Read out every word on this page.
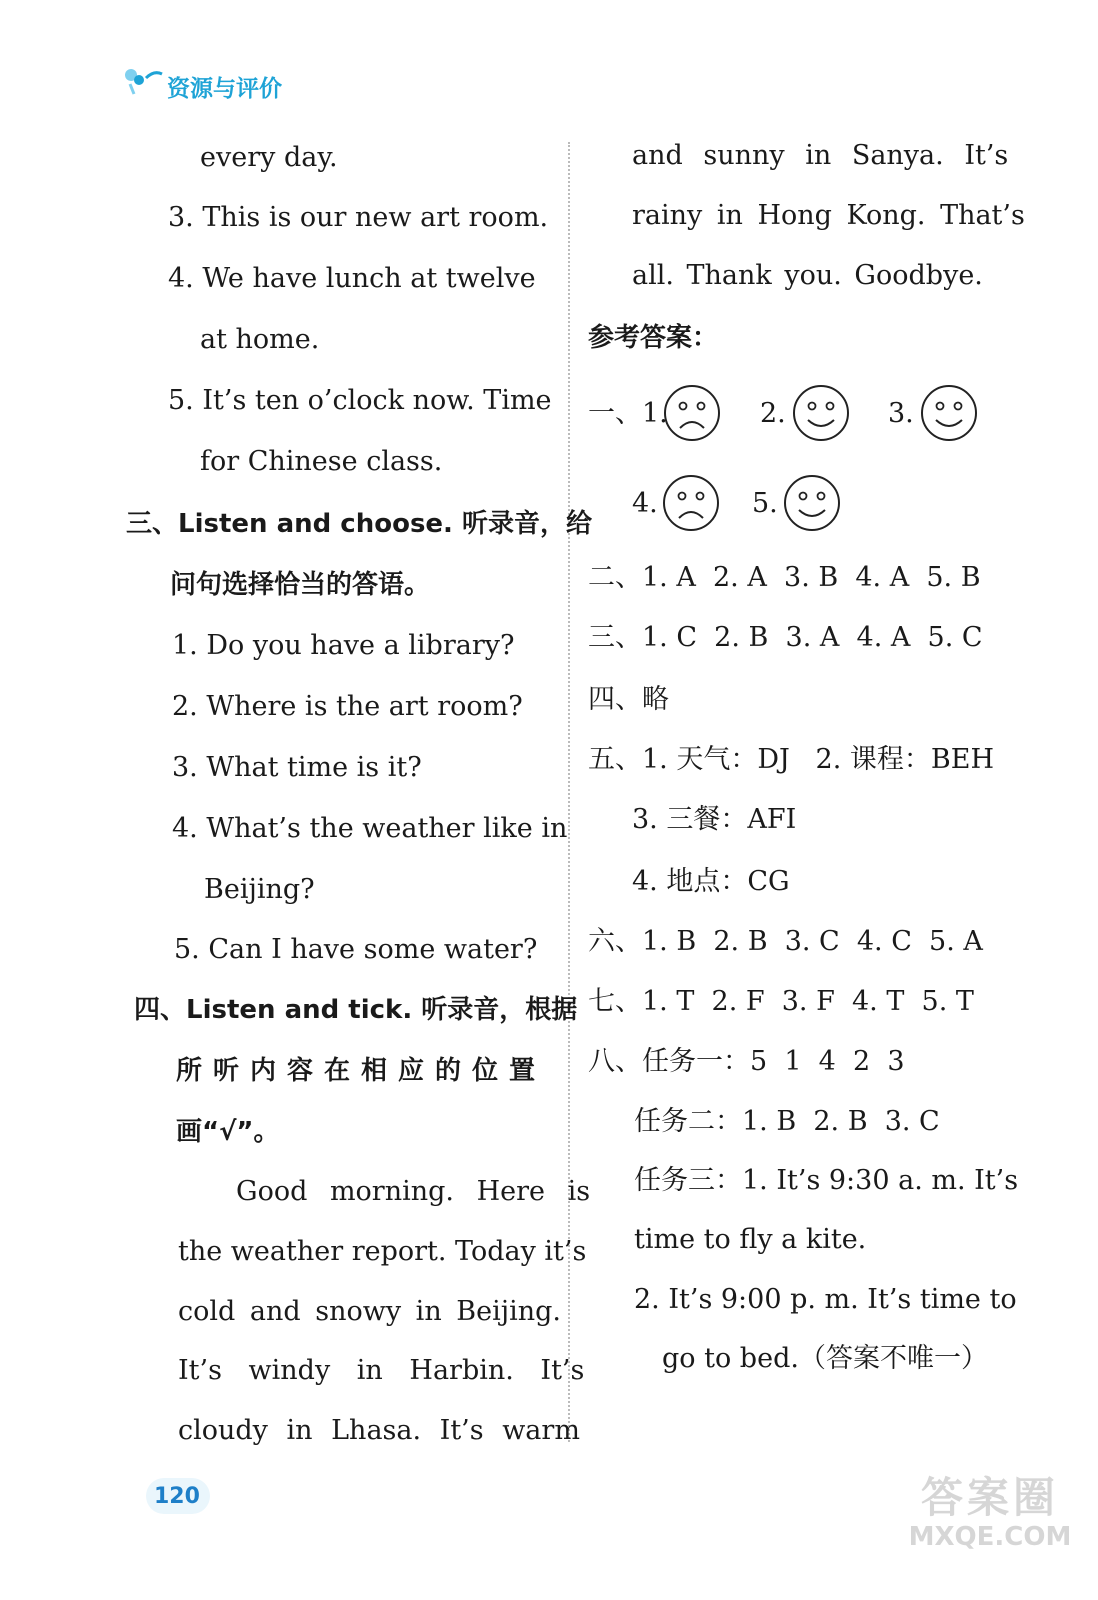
资源与评价
every day.
3. This is our new art room.
4. We have lunch at twelve
at home.
5. It’s ten o’clock now. Time
for Chinese class.
三、Listen and choose. 听录音，给
问句选择恰当的答语。
1. Do you have a library?
2. Where is the art room?
3. What time is it?
4. What’s the weather like in
Beijing?
5. Can I have some water?
四、Listen and tick. 听录音，根据
所听内容在相应的位置
画“√”。
Good morning. Here is
the weather report. Today it’s
cold and snowy in Beijing.
It’s windy in Harbin. It’s
cloudy in Lhasa. It’s warm
and sunny in Sanya. It’s
rainy in Hong Kong. That’s
all. Thank you. Goodbye.
参考答案：
一、1.	2.	3.
4.	5.
二、1. A  2. A  3. B  4. A  5. B
三、1. C  2. B  3. A  4. A  5. C
四、略
五、1. 天气：DJ   2. 课程：BEH
3. 三餐：AFI
4. 地点：CG
六、1. B  2. B  3. C  4. C  5. A
七、1. T  2. F  3. F  4. T  5. T
八、任务一：5  1  4  2  3
任务二：1. B  2. B  3. C
任务三：1. It’s 9:30 a. m. It’s
time to fly a kite.
2. It’s 9:00 p. m. It’s time to
go to bed.（答案不唯一）
120	答案圈
MXQE.COM
